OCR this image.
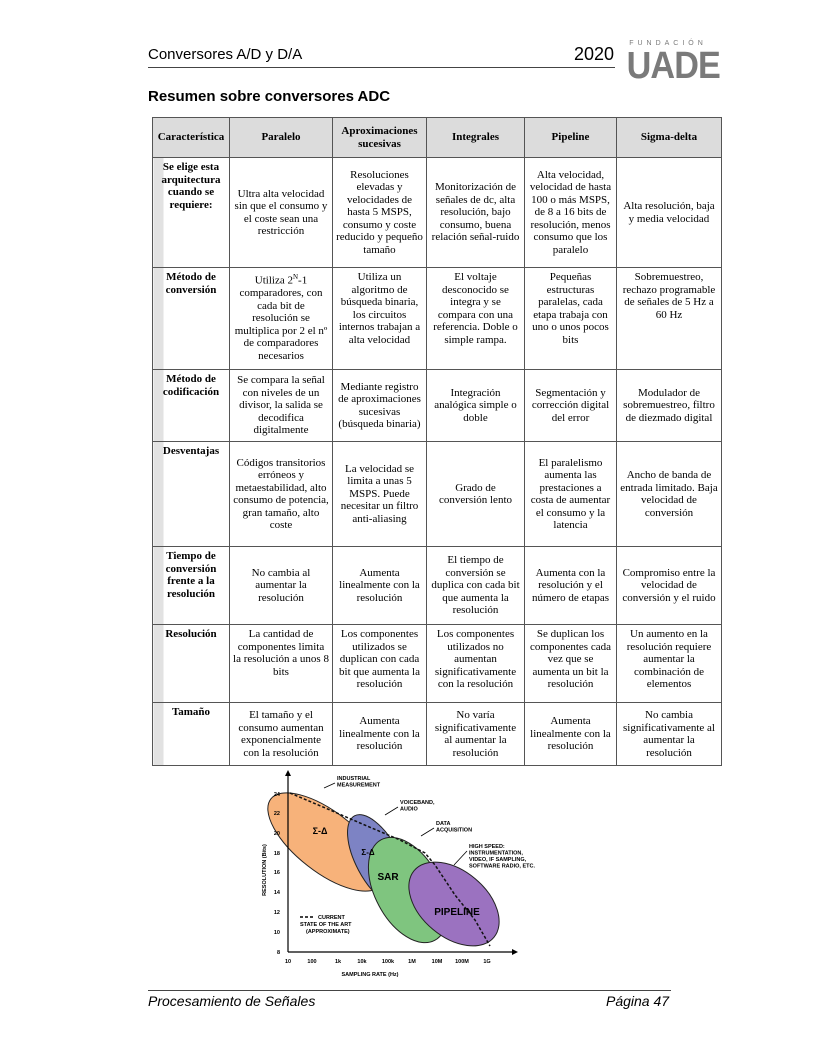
Conversores A/D y D/A	2020
FUNDACIÓN
UADE
Resumen sobre conversores ADC
Característica	Paralelo	Aproximaciones sucesivas	Integrales	Pipeline	Sigma-delta
Se elige esta arquitectura cuando se requiere:	Ultra alta velocidad sin que el consumo y el coste sean una restricción	Resoluciones elevadas y velocidades de hasta 5 MSPS, consumo y coste reducido y pequeño tamaño	Monitorización de señales de dc, alta resolución, bajo consumo, buena relación señal-ruido	Alta velocidad, velocidad de hasta 100 o más MSPS, de 8 a 16 bits de resolución, menos consumo que los paralelo	Alta resolución, baja y media velocidad
Método de conversión	Utiliza $2^N-1$ comparadores, con cada bit de resolución se multiplica por 2 el nº de comparadores necesarios	Utiliza un algoritmo de búsqueda binaria, los circuitos internos trabajan a alta velocidad	El voltaje desconocido se integra y se compara con una referencia. Doble o simple rampa.	Pequeñas estructuras paralelas, cada etapa trabaja con uno o unos pocos bits	Sobremuestreo, rechazo programable de señales de 5 Hz a 60 Hz
Método de codificación	Se compara la señal con niveles de un divisor, la salida se decodifica digitalmente	Mediante registro de aproximaciones sucesivas (búsqueda binaria)	Integración analógica simple o doble	Segmentación y corrección digital del error	Modulador de sobremuestreo, filtro de diezmado digital
Desventajas	Códigos transitorios erróneos y metaestabilidad, alto consumo de potencia, gran tamaño, alto coste	La velocidad se limita a unas 5 MSPS. Puede necesitar un filtro anti-aliasing	Grado de conversión lento	El paralelismo aumenta las prestaciones a costa de aumentar el consumo y la latencia	Ancho de banda de entrada limitado. Baja velocidad de conversión
Tiempo de conversión frente a la resolución	No cambia al aumentar la resolución	Aumenta linealmente con la resolución	El tiempo de conversión se duplica con cada bit que aumenta la resolución	Aumenta con la resolución y el número de etapas	Compromiso entre la velocidad de conversión y el ruido
Resolución	La cantidad de componentes limita la resolución a unos 8 bits	Los componentes utilizados se duplican con cada bit que aumenta la resolución	Los componentes utilizados no aumentan significativamente con la resolución	Se duplican los componentes cada vez que se aumenta un bit la resolución	Un aumento en la resolución requiere aumentar la combinación de elementos
Tamaño	El tamaño y el consumo aumentan exponencialmente con la resolución	Aumenta linealmente con la resolución	No varía significativamente al aumentar la resolución	Aumenta linealmente con la resolución	No cambia significativamente al aumentar la resolución
24
22
20
18
16
14
12
10
8
10	100	1k	10k	100k	1M	10M 100M	1G
SAMPLING RATE (Hz)
RESOLUTION (Bits)
Σ-Δ
Σ-Δ
SAR
PIPELINE
INDUSTRIAL
MEASUREMENT
VOICEBAND,
AUDIO
DATA
ACQUISITION
HIGH SPEED:
INSTRUMENTATION,
VIDEO, IF SAMPLING,
SOFTWARE RADIO, ETC.
CURRENT
STATE OF THE ART
(APPROXIMATE)
Procesamiento de Señales	Página 47
